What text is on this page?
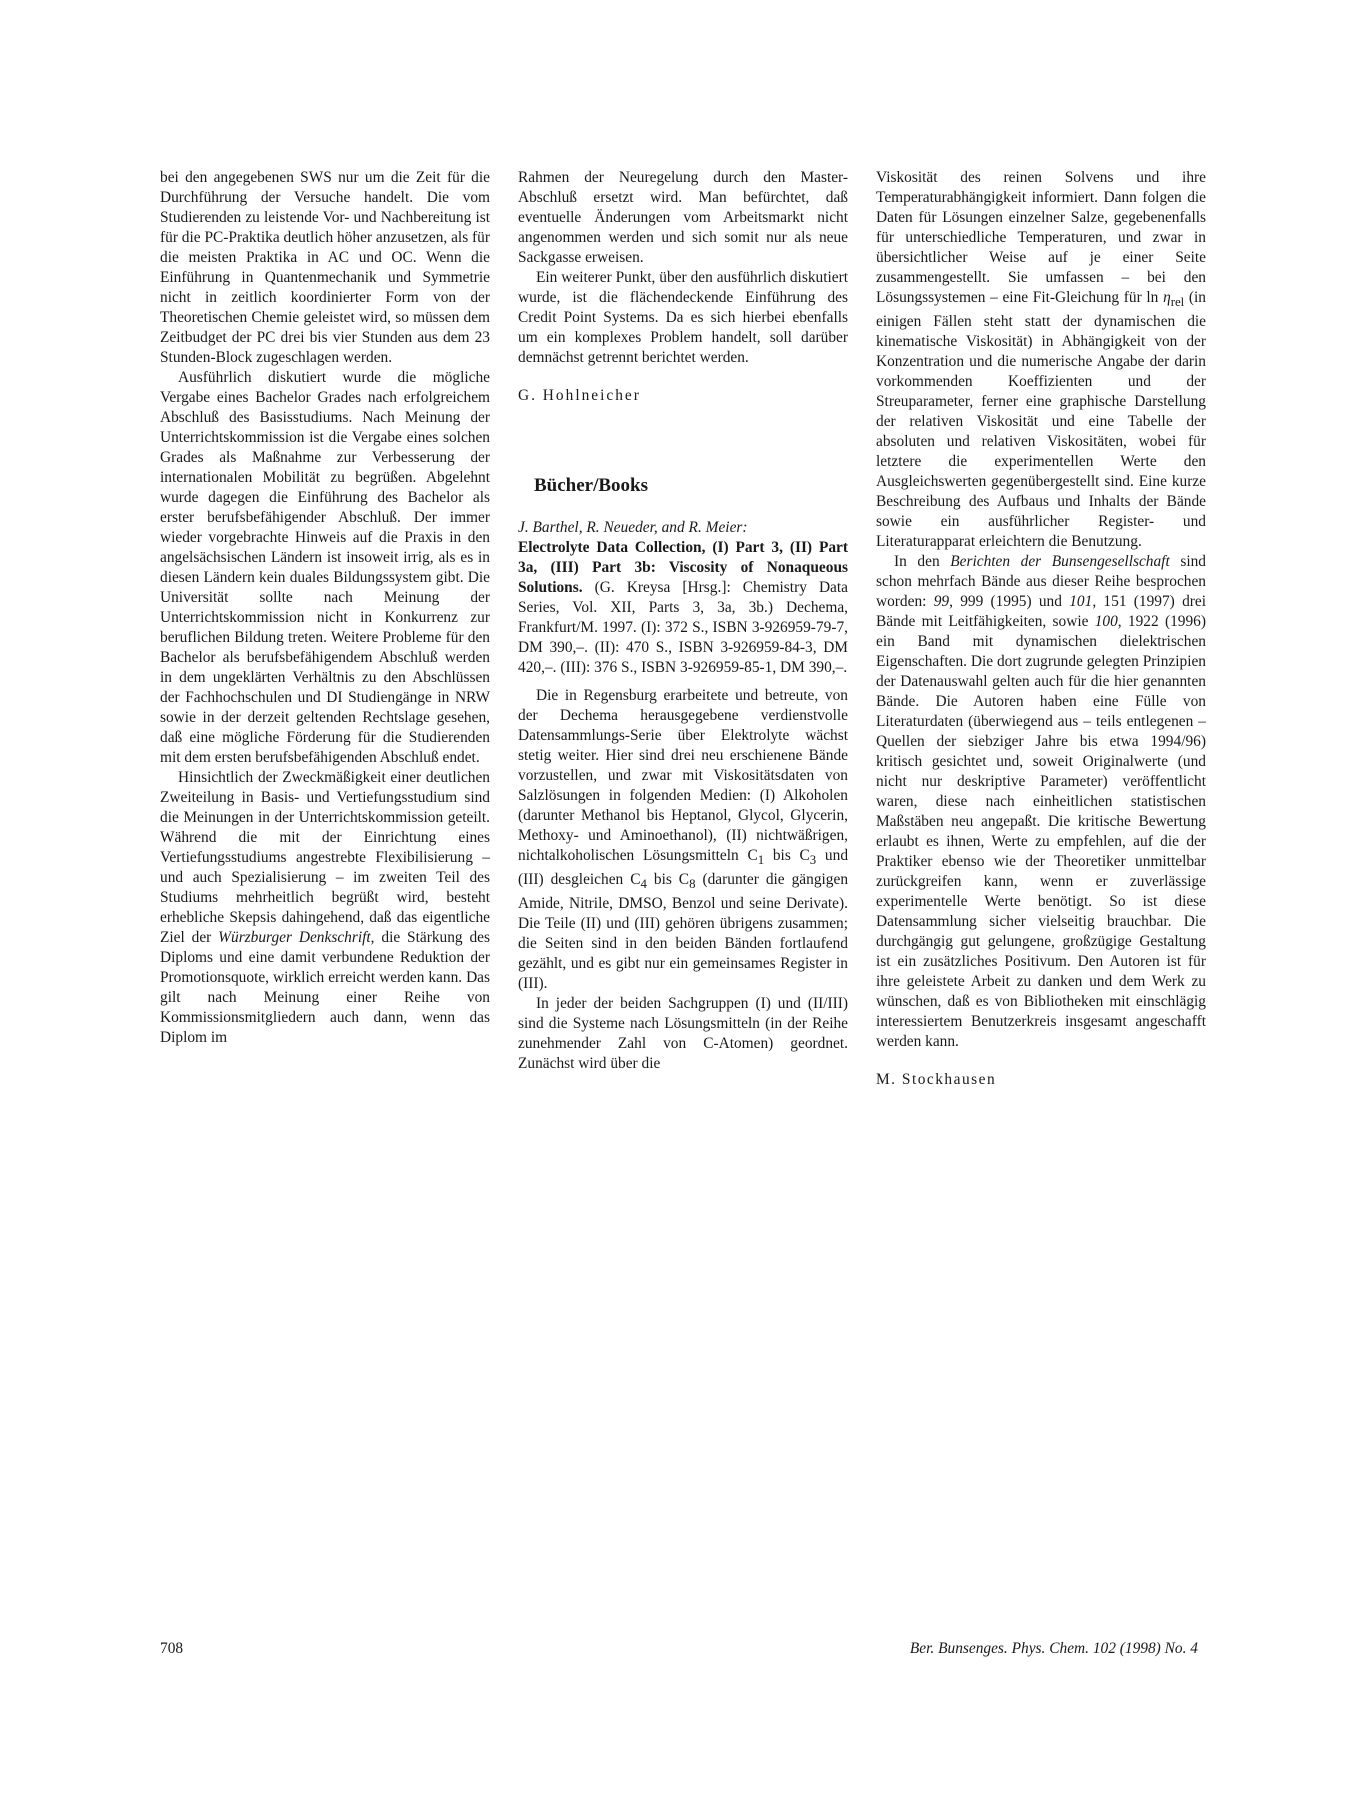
bei den angegebenen SWS nur um die Zeit für die Durchführung der Versuche handelt. Die vom Studierenden zu leistende Vor- und Nachbereitung ist für die PC-Praktika deutlich höher anzusetzen, als für die meisten Praktika in AC und OC. Wenn die Einführung in Quantenmechanik und Symmetrie nicht in zeitlich koordinierter Form von der Theoretischen Chemie geleistet wird, so müssen dem Zeitbudget der PC drei bis vier Stunden aus dem 23 Stunden-Block zugeschlagen werden.

Ausführlich diskutiert wurde die mögliche Vergabe eines Bachelor Grades nach erfolgreichem Abschluß des Basisstudiums. Nach Meinung der Unterrichtskommission ist die Vergabe eines solchen Grades als Maßnahme zur Verbesserung der internationalen Mobilität zu begrüßen. Abgelehnt wurde dagegen die Einführung des Bachelor als erster berufsbefähigender Abschluß. Der immer wieder vorgebrachte Hinweis auf die Praxis in den angelsächsischen Ländern ist insoweit irrig, als es in diesen Ländern kein duales Bildungssystem gibt. Die Universität sollte nach Meinung der Unterrichtskommission nicht in Konkurrenz zur beruflichen Bildung treten. Weitere Probleme für den Bachelor als berufsbefähigendem Abschluß werden in dem ungeklärten Verhältnis zu den Abschlüssen der Fachhochschulen und DI Studiengänge in NRW sowie in der derzeit geltenden Rechtslage gesehen, daß eine mögliche Förderung für die Studierenden mit dem ersten berufsbefähigenden Abschluß endet.

Hinsichtlich der Zweckmäßigkeit einer deutlichen Zweiteilung in Basis- und Vertiefungsstudium sind die Meinungen in der Unterrichtskommission geteilt. Während die mit der Einrichtung eines Vertiefungsstudiums angestrebte Flexibilisierung – und auch Spezialisierung – im zweiten Teil des Studiums mehrheitlich begrüßt wird, besteht erhebliche Skepsis dahingehend, daß das eigentliche Ziel der Würzburger Denkschrift, die Stärkung des Diploms und eine damit verbundene Reduktion der Promotionsquote, wirklich erreicht werden kann. Das gilt nach Meinung einer Reihe von Kommissionsmitgliedern auch dann, wenn das Diplom im

Rahmen der Neuregelung durch den Master-Abschluß ersetzt wird. Man befürchtet, daß eventuelle Änderungen vom Arbeitsmarkt nicht angenommen werden und sich somit nur als neue Sackgasse erweisen.

Ein weiterer Punkt, über den ausführlich diskutiert wurde, ist die flächendeckende Einführung des Credit Point Systems. Da es sich hierbei ebenfalls um ein komplexes Problem handelt, soll darüber demnächst getrennt berichtet werden.

G. Hohlneicher

Bücher/Books

J. Barthel, R. Neueder, and R. Meier:

Electrolyte Data Collection, (I) Part 3, (II) Part 3a, (III) Part 3b: Viscosity of Nonaqueous Solutions. (G. Kreysa [Hrsg.]: Chemistry Data Series, Vol. XII, Parts 3, 3a, 3b.) Dechema, Frankfurt/M. 1997. (I): 372 S., ISBN 3-926959-79-7, DM 390,–. (II): 470 S., ISBN 3-926959-84-3, DM 420,–. (III): 376 S., ISBN 3-926959-85-1, DM 390,–.

Die in Regensburg erarbeitete und betreute, von der Dechema herausgegebene verdienstvolle Datensammlungs-Serie über Elektrolyte wächst stetig weiter. Hier sind drei neu erschienene Bände vorzustellen, und zwar mit Viskositätsdaten von Salzlösungen in folgenden Medien: (I) Alkoholen (darunter Methanol bis Heptanol, Glycol, Glycerin, Methoxy- und Aminoethanol), (II) nichtwäßrigen, nichtalkoholischen Lösungsmitteln $C_1$ bis $C_3$ und (III) desgleichen $C_4$ bis $C_8$ (darunter die gängigen Amide, Nitrile, DMSO, Benzol und seine Derivate). Die Teile (II) und (III) gehören übrigens zusammen; die Seiten sind in den beiden Bänden fortlaufend gezählt, und es gibt nur ein gemeinsames Register in (III).

In jeder der beiden Sachgruppen (I) und (II/III) sind die Systeme nach Lösungsmitteln (in der Reihe zunehmender Zahl von C-Atomen) geordnet. Zunächst wird über die

Viskosität des reinen Solvens und ihre Temperaturabhängigkeit informiert. Dann folgen die Daten für Lösungen einzelner Salze, gegebenenfalls für unterschiedliche Temperaturen, und zwar in übersichtlicher Weise auf je einer Seite zusammengestellt. Sie umfassen – bei den Lösungssystemen – eine Fit-Gleichung für $\ln \eta_{rel}$ (in einigen Fällen steht statt der dynamischen die kinematische Viskosität) in Abhängigkeit von der Konzentration und die numerische Angabe der darin vorkommenden Koeffizienten und der Streuparameter, ferner eine graphische Darstellung der relativen Viskosität und eine Tabelle der absoluten und relativen Viskositäten, wobei für letztere die experimentellen Werte den Ausgleichswerten gegenübergestellt sind. Eine kurze Beschreibung des Aufbaus und Inhalts der Bände sowie ein ausführlicher Register- und Literaturapparat erleichtern die Benutzung.

In den Berichten der Bunsengesellschaft sind schon mehrfach Bände aus dieser Reihe besprochen worden: 99, 999 (1995) und 101, 151 (1997) drei Bände mit Leitfähigkeiten, sowie 100, 1922 (1996) ein Band mit dynamischen dielektrischen Eigenschaften. Die dort zugrunde gelegten Prinzipien der Datenauswahl gelten auch für die hier genannten Bände. Die Autoren haben eine Fülle von Literaturdaten (überwiegend aus – teils entlegenen – Quellen der siebziger Jahre bis etwa 1994/96) kritisch gesichtet und, soweit Originalwerte (und nicht nur deskriptive Parameter) veröffentlicht waren, diese nach einheitlichen statistischen Maßstäben neu angepaßt. Die kritische Bewertung erlaubt es ihnen, Werte zu empfehlen, auf die der Praktiker ebenso wie der Theoretiker unmittelbar zurückgreifen kann, wenn er zuverlässige experimentelle Werte benötigt. So ist diese Datensammlung sicher vielseitig brauchbar. Die durchgängig gut gelungene, großzügige Gestaltung ist ein zusätzliches Positivum. Den Autoren ist für ihre geleistete Arbeit zu danken und dem Werk zu wünschen, daß es von Bibliotheken mit einschlägig interessiertem Benutzerkreis insgesamt angeschafft werden kann.

M. Stockhausen

708	Ber. Bunsenges. Phys. Chem. 102 (1998) No. 4
